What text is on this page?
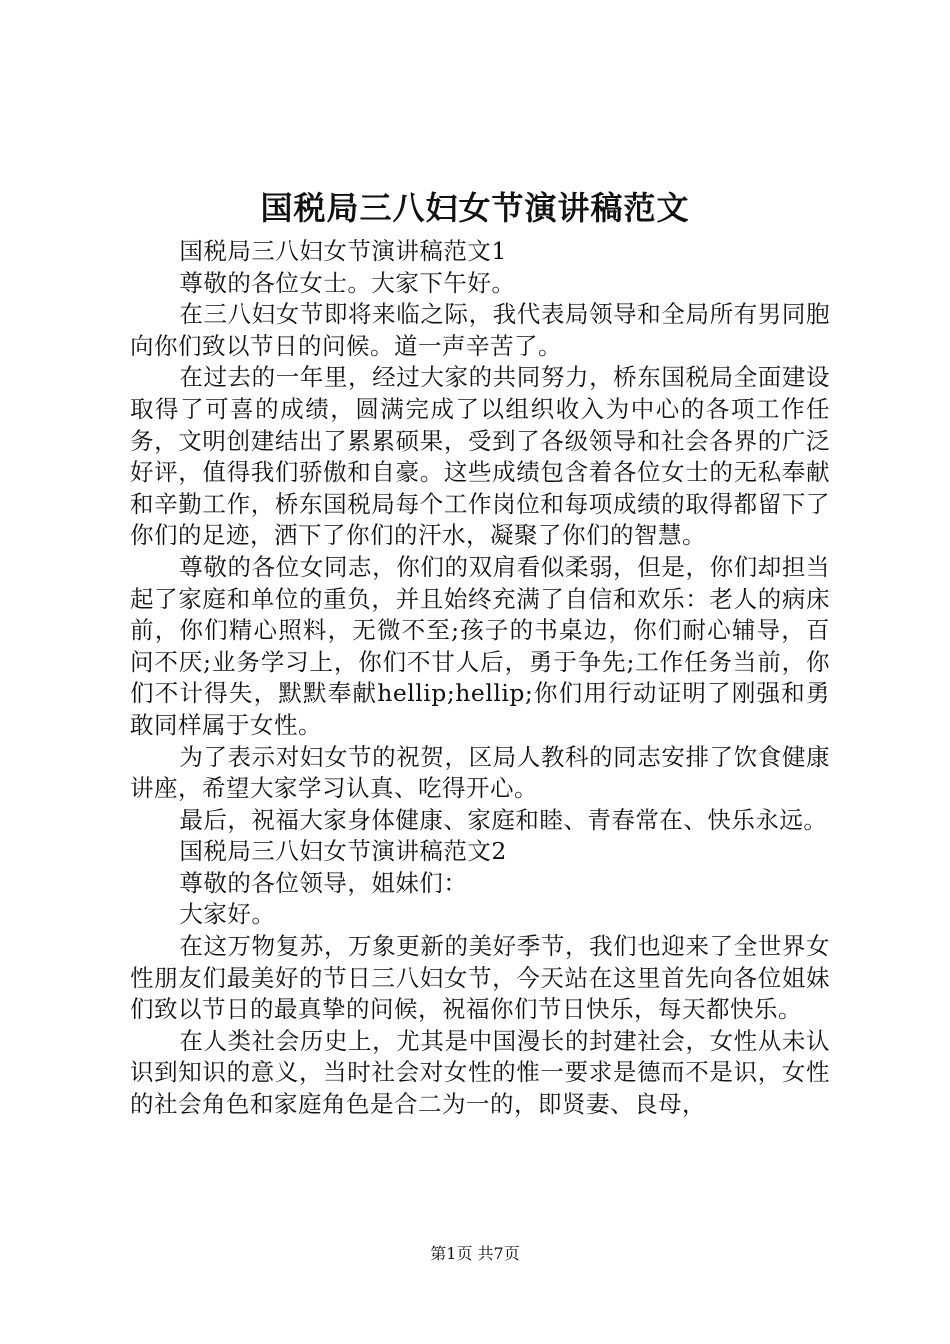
国税局三八妇女节演讲稿范文

国税局三八妇女节演讲稿范文1

尊敬的各位女士。大家下午好。

在三八妇女节即将来临之际，我代表局领导和全局所有男同胞向你们致以节日的问候。道一声辛苦了。

在过去的一年里，经过大家的共同努力，桥东国税局全面建设取得了可喜的成绩，圆满完成了以组织收入为中心的各项工作任务，文明创建结出了累累硕果，受到了各级领导和社会各界的广泛好评，值得我们骄傲和自豪。这些成绩包含着各位女士的无私奉献和辛勤工作，桥东国税局每个工作岗位和每项成绩的取得都留下了你们的足迹，洒下了你们的汗水，凝聚了你们的智慧。

尊敬的各位女同志，你们的双肩看似柔弱，但是，你们却担当起了家庭和单位的重负，并且始终充满了自信和欢乐：老人的病床前，你们精心照料，无微不至;孩子的书桌边，你们耐心辅导，百问不厌;业务学习上，你们不甘人后，勇于争先;工作任务当前，你们不计得失，默默奉献hellip;hellip;你们用行动证明了刚强和勇敢同样属于女性。

为了表示对妇女节的祝贺，区局人教科的同志安排了饮食健康讲座，希望大家学习认真、吃得开心。

最后，祝福大家身体健康、家庭和睦、青春常在、快乐永远。

国税局三八妇女节演讲稿范文2

尊敬的各位领导，姐妹们：

大家好。

在这万物复苏，万象更新的美好季节，我们也迎来了全世界女性朋友们最美好的节日三八妇女节，今天站在这里首先向各位姐妹们致以节日的最真挚的问候，祝福你们节日快乐，每天都快乐。

在人类社会历史上，尤其是中国漫长的封建社会，女性从未认识到知识的意义，当时社会对女性的惟一要求是德而不是识，女性的社会角色和家庭角色是合二为一的，即贤妻、良母，

第1页 共7页
